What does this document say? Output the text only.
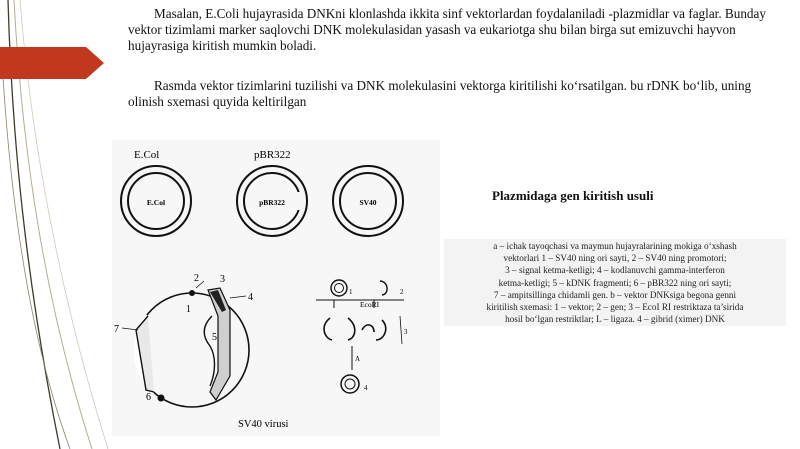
Masalan, E.Coli hujayrasida DNKni klonlashda ikkita sinf vektorlardan foydalaniladi -plazmidlar va faglar. Bunday vektor tizimlami marker saqlovchi DNK molekulasidan yasash va eukariotga shu bilan birga sut emizuvchi hayvon hujayrasiga kiritish mumkin boladi.

Rasmda vektor tizimlarini tuzilishi va DNK molekulasini vektorga kiritilishi ko‘rsatilgan. bu rDNK bo‘lib, uning olinish sxemasi quyida keltirilgan

E.Col	pBR322
E.Col	pBR322	SV40
1
2 3
4
5
6
7
SV40 virusi
1	2
EcoRI
3
A
4
Plazmidaga gen kiritish usuli

a – ichak tayoqchasi va maymun hujayralarining mokiga o‘xshash

vektorlari 1 – SV40 ning ori sayti, 2 – SV40 ning promotori;

3 – signal ketma-ketligi; 4 – kodlanuvchi gamma-interferon

ketma-ketligi; 5 – kDNK fragmenti; 6 – pBR322 ning ori sayti;

7 – ampitsillinga chidamli gen. b – vektor DNKsiga begona genni

kiritilish sxemasi: 1 – vektor; 2 – gen; 3 – EcoI RI restriktaza ta’sirida

hosil bo‘lgan restriktlar; L – ligaza. 4 – gibrid (ximer) DNK
